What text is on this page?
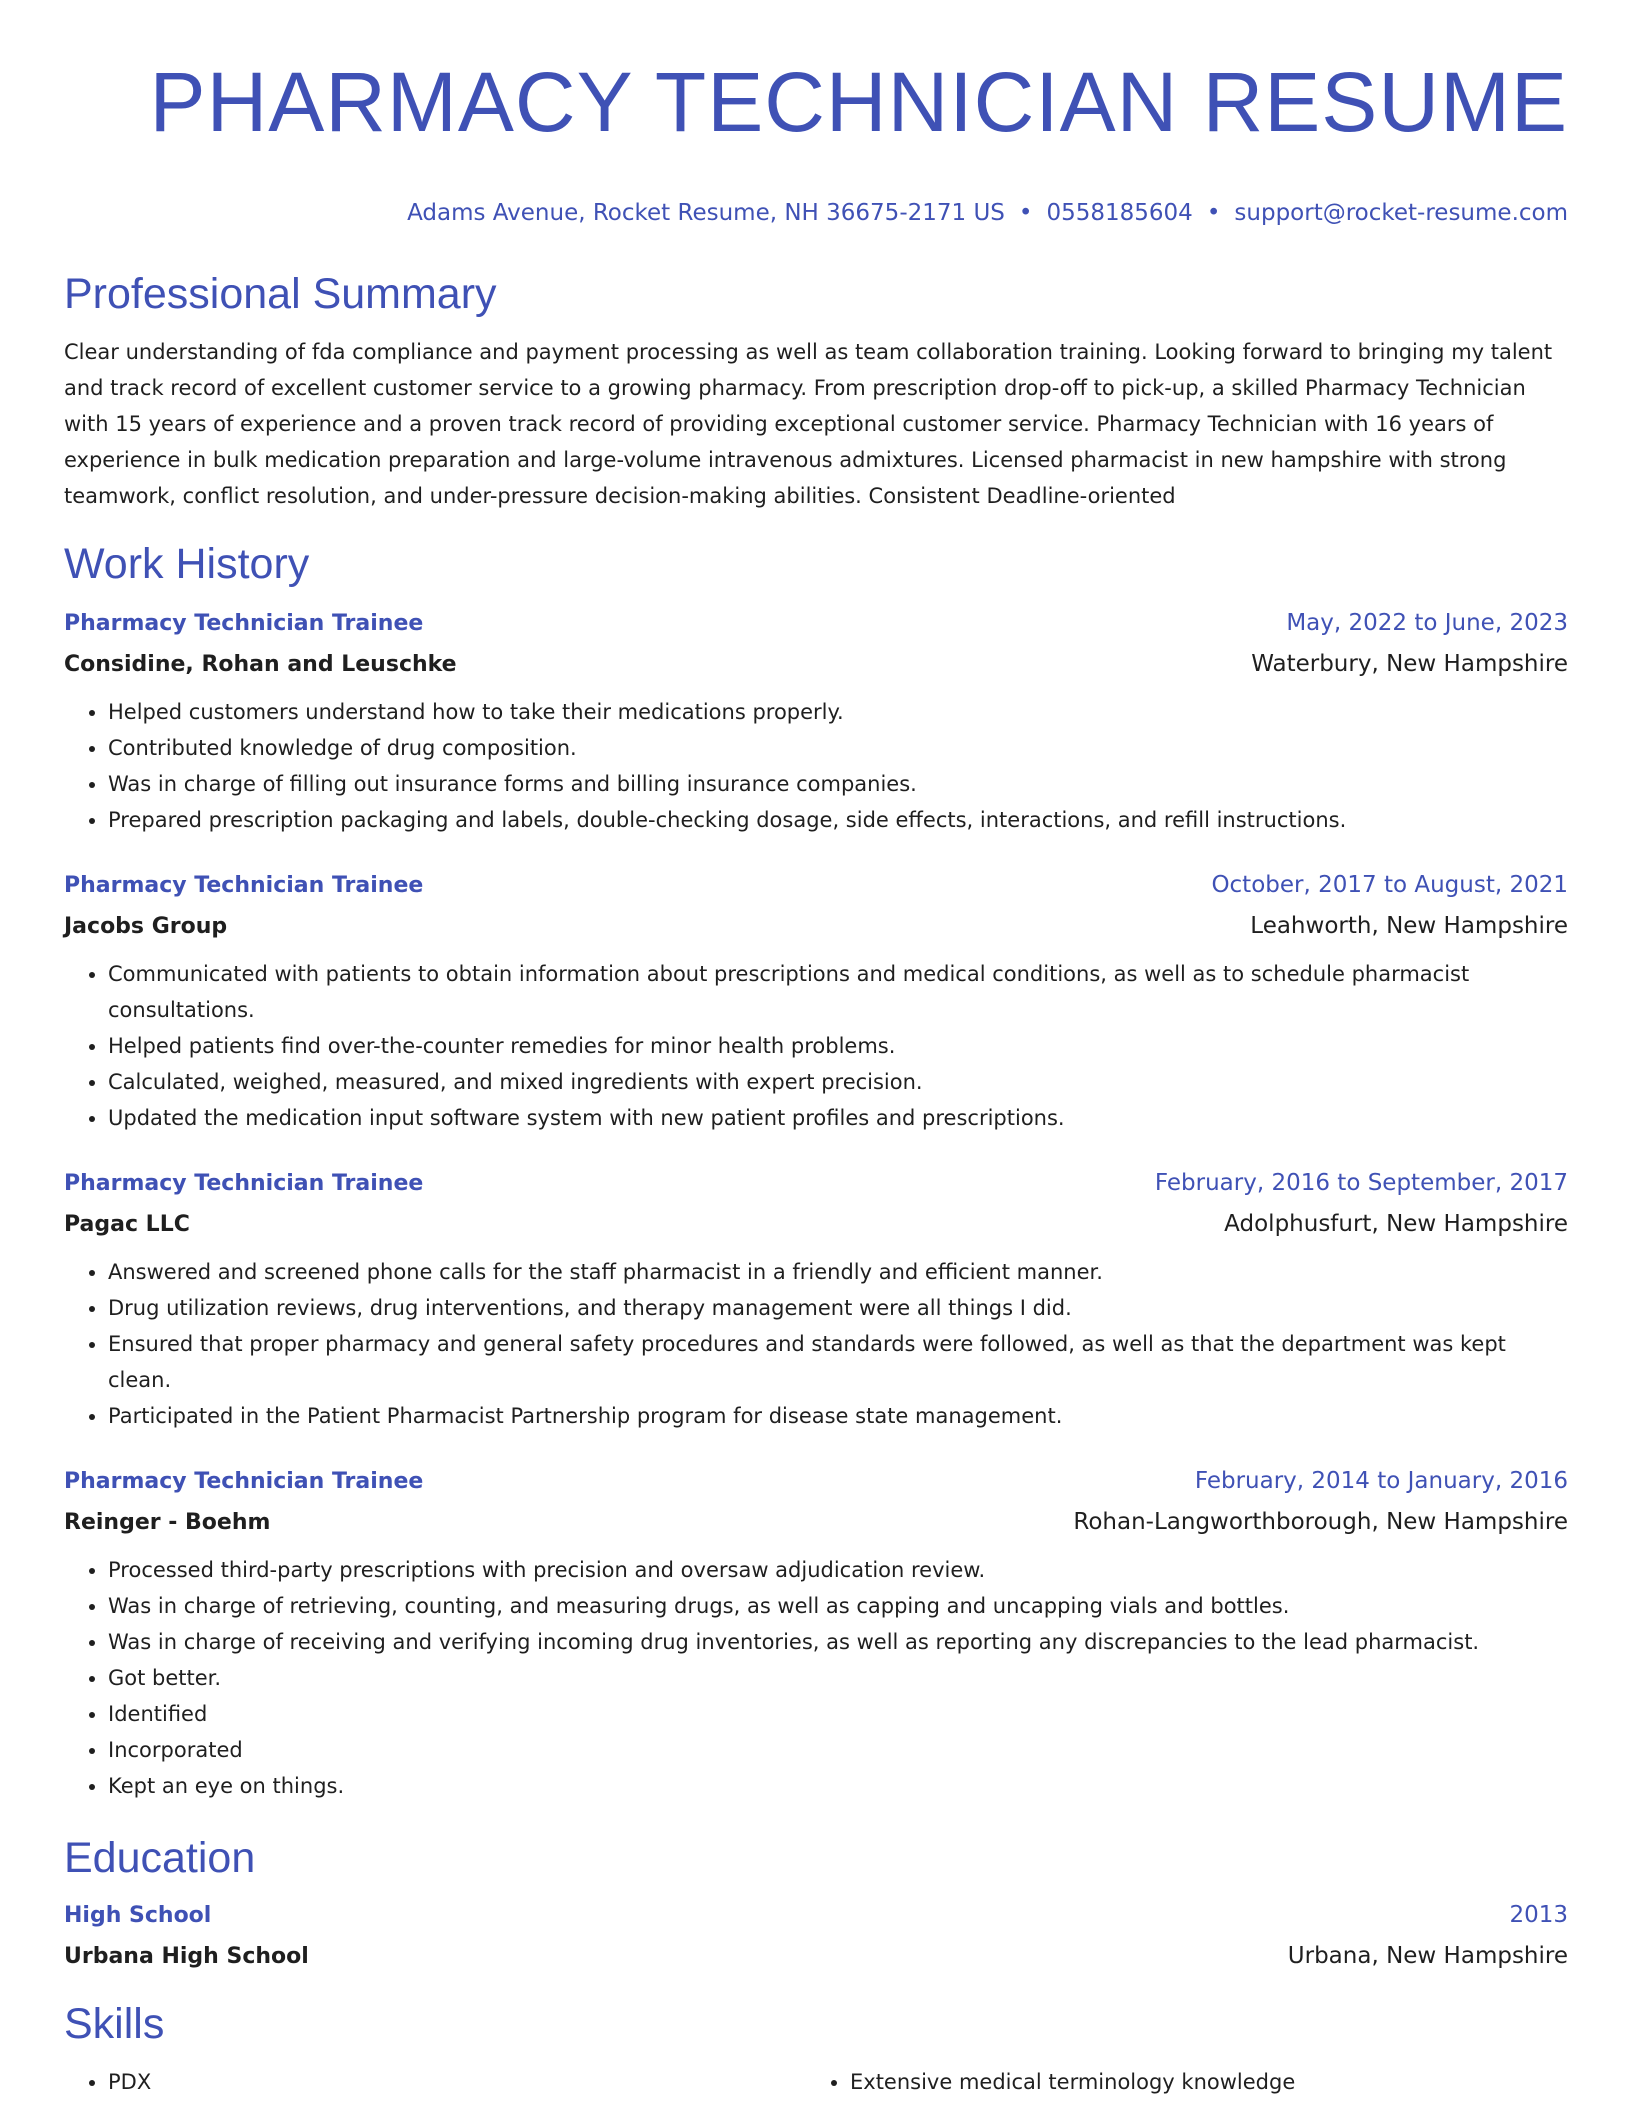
PHARMACY TECHNICIAN RESUME
Adams Avenue, Rocket Resume, NH 36675-2171 US • 0558185604 • support@rocket-resume.com
Professional Summary
Clear understanding of fda compliance and payment processing as well as team collaboration training. Looking forward to bringing my talent and track record of excellent customer service to a growing pharmacy. From prescription drop-off to pick-up, a skilled Pharmacy Technician with 15 years of experience and a proven track record of providing exceptional customer service. Pharmacy Technician with 16 years of experience in bulk medication preparation and large-volume intravenous admixtures. Licensed pharmacist in new hampshire with strong teamwork, conflict resolution, and under-pressure decision-making abilities. Consistent Deadline-oriented
Work History
Pharmacy Technician Trainee	May, 2022 to June, 2023
Considine, Rohan and Leuschke	Waterbury, New Hampshire
• Helped customers understand how to take their medications properly.
• Contributed knowledge of drug composition.
• Was in charge of filling out insurance forms and billing insurance companies.
• Prepared prescription packaging and labels, double-checking dosage, side effects, interactions, and refill instructions.
Pharmacy Technician Trainee	October, 2017 to August, 2021
Jacobs Group	Leahworth, New Hampshire
• Communicated with patients to obtain information about prescriptions and medical conditions, as well as to schedule pharmacist consultations.
• Helped patients find over-the-counter remedies for minor health problems.
• Calculated, weighed, measured, and mixed ingredients with expert precision.
• Updated the medication input software system with new patient profiles and prescriptions.
Pharmacy Technician Trainee	February, 2016 to September, 2017
Pagac LLC	Adolphusfurt, New Hampshire
• Answered and screened phone calls for the staff pharmacist in a friendly and efficient manner.
• Drug utilization reviews, drug interventions, and therapy management were all things I did.
• Ensured that proper pharmacy and general safety procedures and standards were followed, as well as that the department was kept clean.
• Participated in the Patient Pharmacist Partnership program for disease state management.
Pharmacy Technician Trainee	February, 2014 to January, 2016
Reinger - Boehm	Rohan-Langworthborough, New Hampshire
• Processed third-party prescriptions with precision and oversaw adjudication review.
• Was in charge of retrieving, counting, and measuring drugs, as well as capping and uncapping vials and bottles.
• Was in charge of receiving and verifying incoming drug inventories, as well as reporting any discrepancies to the lead pharmacist.
• Got better.
• Identified
• Incorporated
• Kept an eye on things.
Education
High School	2013
Urbana High School	Urbana, New Hampshire
Skills
• PDX
•	Extensive medical terminology knowledge
